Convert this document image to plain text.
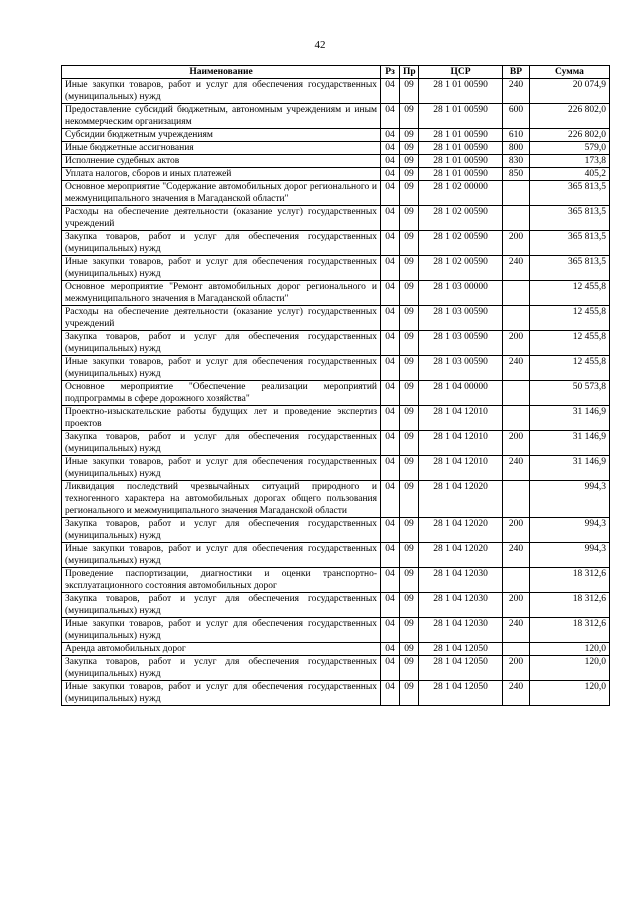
42
Наименование	Рз	Пр	ЦСР	ВР	Сумма
Иные закупки товаров, работ и услуг для обеспечения государственных (муниципальных) нужд	04	09	28 1 01 00590	240	20 074,9
Предоставление субсидий бюджетным, автономным учреждениям и иным некоммерческим организациям	04	09	28 1 01 00590	600	226 802,0
Субсидии бюджетным учреждениям	04	09	28 1 01 00590	610	226 802,0
Иные бюджетные ассигнования	04	09	28 1 01 00590	800	579,0
Исполнение судебных актов	04	09	28 1 01 00590	830	173,8
Уплата налогов, сборов и иных платежей	04	09	28 1 01 00590	850	405,2
Основное мероприятие "Содержание автомобильных дорог регионального и межмуниципального значения в Магаданской области"	04	09	28 1 02 00000		365 813,5
Расходы на обеспечение деятельности (оказание услуг) государственных учреждений	04	09	28 1 02 00590		365 813,5
Закупка товаров, работ и услуг для обеспечения государственных (муниципальных) нужд	04	09	28 1 02 00590	200	365 813,5
Иные закупки товаров, работ и услуг для обеспечения государственных (муниципальных) нужд	04	09	28 1 02 00590	240	365 813,5
Основное мероприятие "Ремонт автомобильных дорог регионального и межмуниципального значения в Магаданской области"	04	09	28 1 03 00000		12 455,8
Расходы на обеспечение деятельности (оказание услуг) государственных учреждений	04	09	28 1 03 00590		12 455,8
Закупка товаров, работ и услуг для обеспечения государственных (муниципальных) нужд	04	09	28 1 03 00590	200	12 455,8
Иные закупки товаров, работ и услуг для обеспечения государственных (муниципальных) нужд	04	09	28 1 03 00590	240	12 455,8
Основное мероприятие "Обеспечение реализации мероприятий подпрограммы в сфере дорожного хозяйства"	04	09	28 1 04 00000		50 573,8
Проектно-изыскательские работы будущих лет и проведение экспертиз проектов	04	09	28 1 04 12010		31 146,9
Закупка товаров, работ и услуг для обеспечения государственных (муниципальных) нужд	04	09	28 1 04 12010	200	31 146,9
Иные закупки товаров, работ и услуг для обеспечения государственных (муниципальных) нужд	04	09	28 1 04 12010	240	31 146,9
Ликвидация последствий чрезвычайных ситуаций природного и техногенного характера на автомобильных дорогах общего пользования регионального и межмуниципального значения Магаданской области	04	09	28 1 04 12020		994,3
Закупка товаров, работ и услуг для обеспечения государственных (муниципальных) нужд	04	09	28 1 04 12020	200	994,3
Иные закупки товаров, работ и услуг для обеспечения государственных (муниципальных) нужд	04	09	28 1 04 12020	240	994,3
Проведение паспортизации, диагностики и оценки транспортно-эксплуатационного состояния автомобильных дорог	04	09	28 1 04 12030		18 312,6
Закупка товаров, работ и услуг для обеспечения государственных (муниципальных) нужд	04	09	28 1 04 12030	200	18 312,6
Иные закупки товаров, работ и услуг для обеспечения государственных (муниципальных) нужд	04	09	28 1 04 12030	240	18 312,6
Аренда автомобильных дорог	04	09	28 1 04 12050		120,0
Закупка товаров, работ и услуг для обеспечения государственных (муниципальных) нужд	04	09	28 1 04 12050	200	120,0
Иные закупки товаров, работ и услуг для обеспечения государственных (муниципальных) нужд	04	09	28 1 04 12050	240	120,0
